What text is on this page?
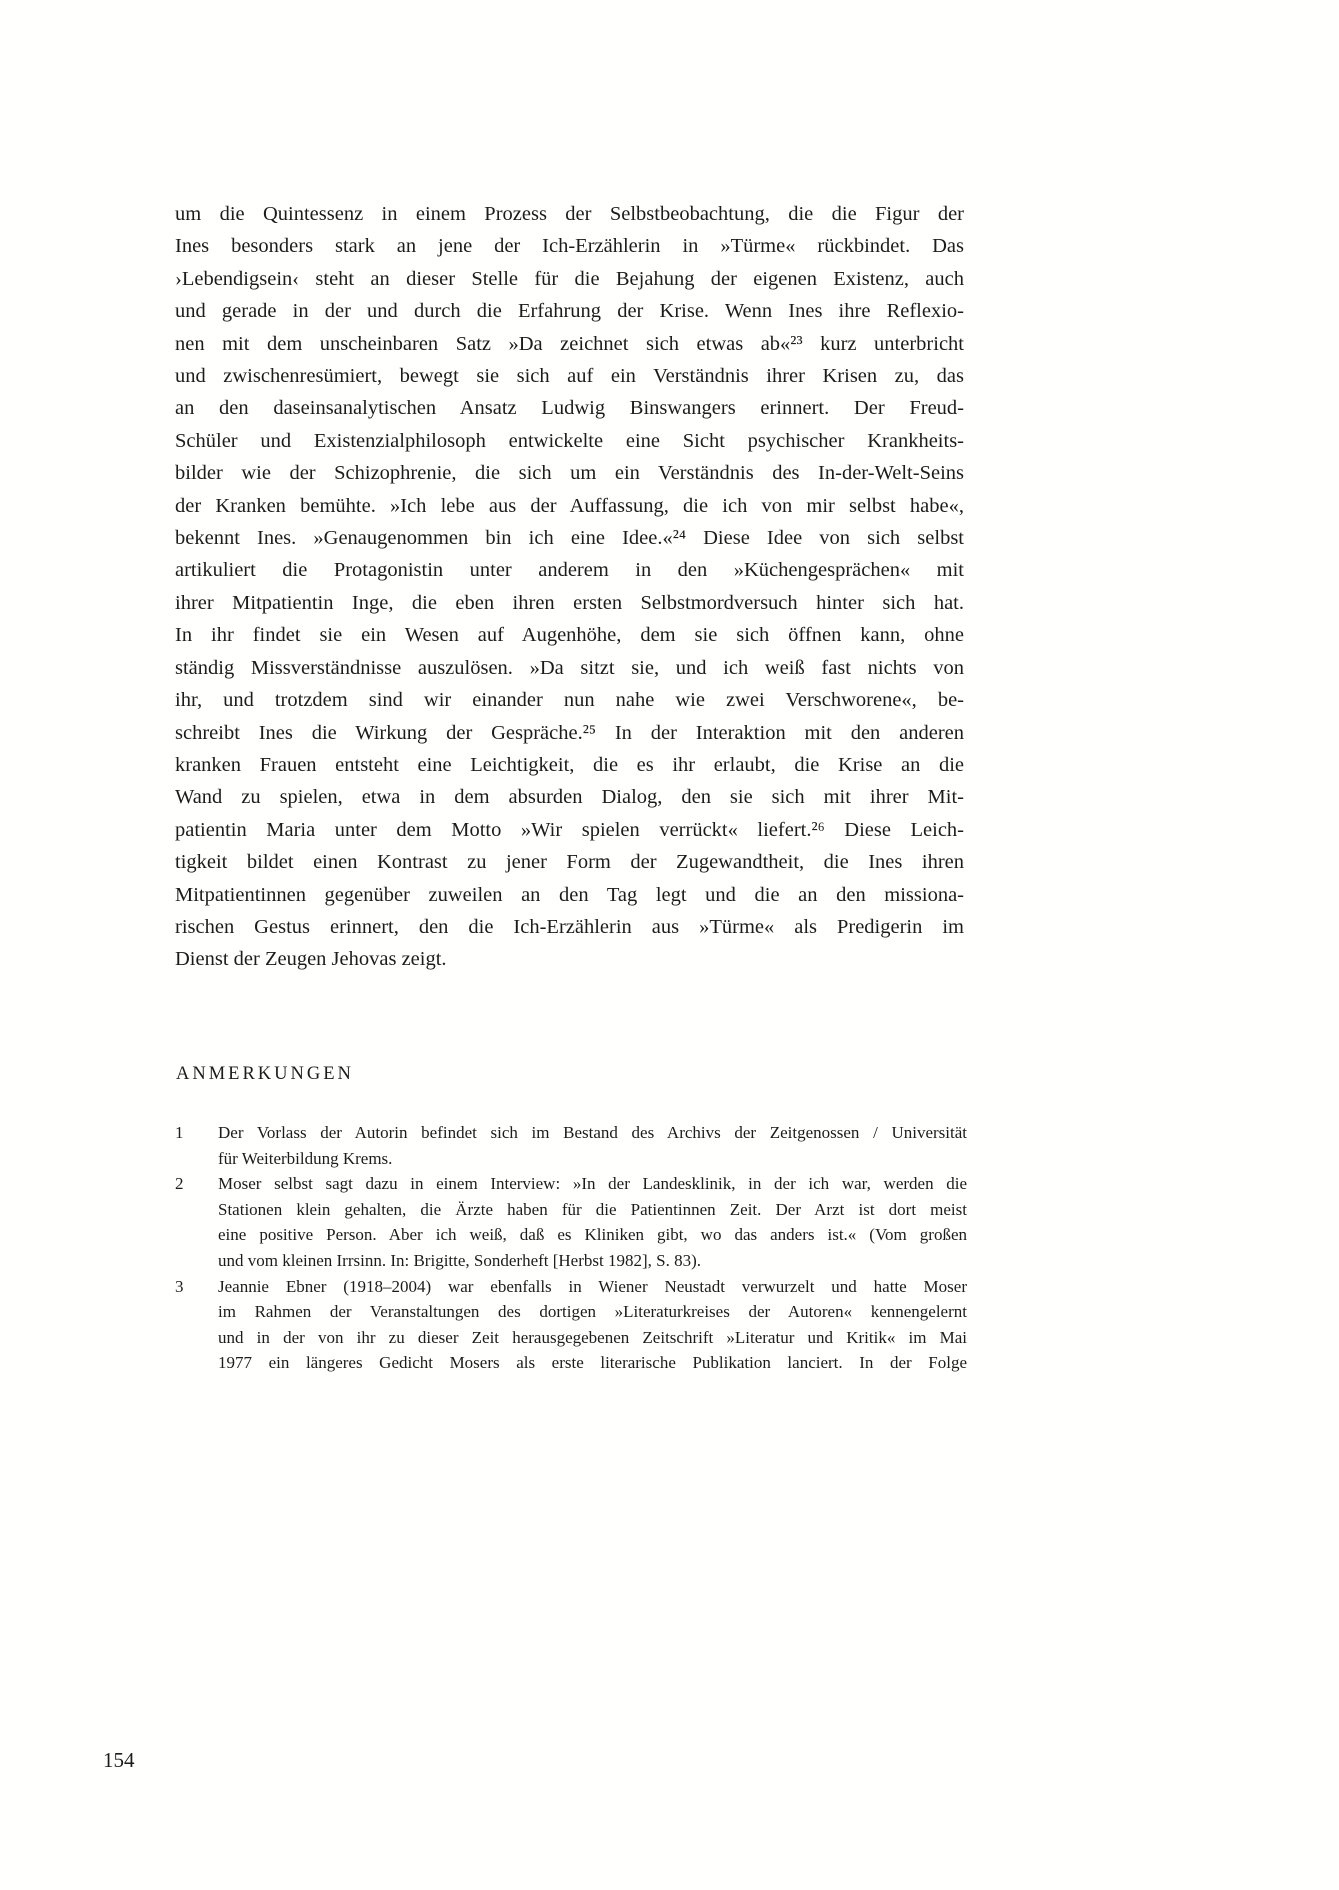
um die Quintessenz in einem Prozess der Selbstbeobachtung, die die Figur der
Ines besonders stark an jene der Ich-Erzählerin in »Türme« rückbindet. Das
›Lebendigsein‹ steht an dieser Stelle für die Bejahung der eigenen Existenz, auch
und gerade in der und durch die Erfahrung der Krise. Wenn Ines ihre Reflexio-
nen mit dem unscheinbaren Satz »Da zeichnet sich etwas ab«²³ kurz unterbricht
und zwischenresümiert, bewegt sie sich auf ein Verständnis ihrer Krisen zu, das
an den daseinsanalytischen Ansatz Ludwig Binswangers erinnert. Der Freud-
Schüler und Existenzialphilosoph entwickelte eine Sicht psychischer Krankheits-
bilder wie der Schizophrenie, die sich um ein Verständnis des In-der-Welt-Seins
der Kranken bemühte. »Ich lebe aus der Auffassung, die ich von mir selbst habe«,
bekennt Ines. »Genaugenommen bin ich eine Idee.«²⁴ Diese Idee von sich selbst
artikuliert die Protagonistin unter anderem in den »Küchengesprächen« mit
ihrer Mitpatientin Inge, die eben ihren ersten Selbstmordversuch hinter sich hat.
In ihr findet sie ein Wesen auf Augenhöhe, dem sie sich öffnen kann, ohne
ständig Missverständnisse auszulösen. »Da sitzt sie, und ich weiß fast nichts von
ihr, und trotzdem sind wir einander nun nahe wie zwei Verschworene«, be-
schreibt Ines die Wirkung der Gespräche.²⁵ In der Interaktion mit den anderen
kranken Frauen entsteht eine Leichtigkeit, die es ihr erlaubt, die Krise an die
Wand zu spielen, etwa in dem absurden Dialog, den sie sich mit ihrer Mit-
patientin Maria unter dem Motto »Wir spielen verrückt« liefert.²⁶ Diese Leich-
tigkeit bildet einen Kontrast zu jener Form der Zugewandtheit, die Ines ihren
Mitpatientinnen gegenüber zuweilen an den Tag legt und die an den missiona-
rischen Gestus erinnert, den die Ich-Erzählerin aus »Türme« als Predigerin im
Dienst der Zeugen Jehovas zeigt.
ANMERKUNGEN
1	Der Vorlass der Autorin befindet sich im Bestand des Archivs der Zeitgenossen / Universität
für Weiterbildung Krems.
2	Moser selbst sagt dazu in einem Interview: »In der Landesklinik, in der ich war, werden die
Stationen klein gehalten, die Ärzte haben für die Patientinnen Zeit. Der Arzt ist dort meist
eine positive Person. Aber ich weiß, daß es Kliniken gibt, wo das anders ist.« (Vom großen
und vom kleinen Irrsinn. In: Brigitte, Sonderheft [Herbst 1982], S. 83).
3	Jeannie Ebner (1918–2004) war ebenfalls in Wiener Neustadt verwurzelt und hatte Moser
im Rahmen der Veranstaltungen des dortigen »Literaturkreises der Autoren« kennengelernt
und in der von ihr zu dieser Zeit herausgegebenen Zeitschrift »Literatur und Kritik« im Mai
1977 ein längeres Gedicht Mosers als erste literarische Publikation lanciert. In der Folge
154
